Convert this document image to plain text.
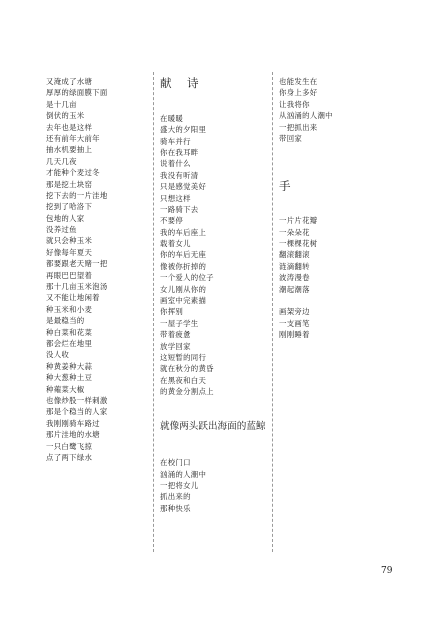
又淹成了水塘
厚厚的绿面膜下面
是十几亩
倒伏的玉米
去年也是这样
还有前年大前年
抽水机要抽上
几天几夜
才能种个麦过冬
那是挖土块窑
挖下去的一片洼地
挖到了哈洛下
包地的人家
没养过鱼
就只会种玉米
好像每年夏天
都要跟老天赌一把
再眼巴巴望着
那十几亩玉米泡汤
又不能让地闲着
种玉米和小麦
是最稳当的
种白菜和花菜
都会烂在地里
没人收
种黄姜种大蒜
种大葱种土豆
种蕹菜大椒
也像炒股一样刺激
那是个稳当的人家
我刚刚骑车路过
那片洼地的水塘
一只白鹭飞掠
点了两下绿水
献　诗
在暖暖
盛大的夕阳里
骑车并行
你在我耳畔
说着什么
我没有听清
只是感觉美好
只想这样
一路骑下去
不要停
我的车后座上
载着女儿
你的车后无座
像被你折掉的
一个爱人的位子
女儿刚从你的
画室中完素描
你挥别
一屋子学生
带着疲惫
放学回家
这短暂的同行
就在秋分的黄昏
在黑夜和白天
的黄金分割点上
就像两头跃出海面的蓝鲸
在校门口
汹涌的人潮中
一把将女儿
抓出来的
那种快乐
也能发生在
你身上多好
让我将你
从汹涌的人潮中
一把抓出来
带回家
手
一片片花瓣
一朵朵花
一棵棵花树
翻滚翻滚
涟滴翻转
波涛漫卷
潮起潮落
画架旁边
一支画笔
刚刚睡着
79
